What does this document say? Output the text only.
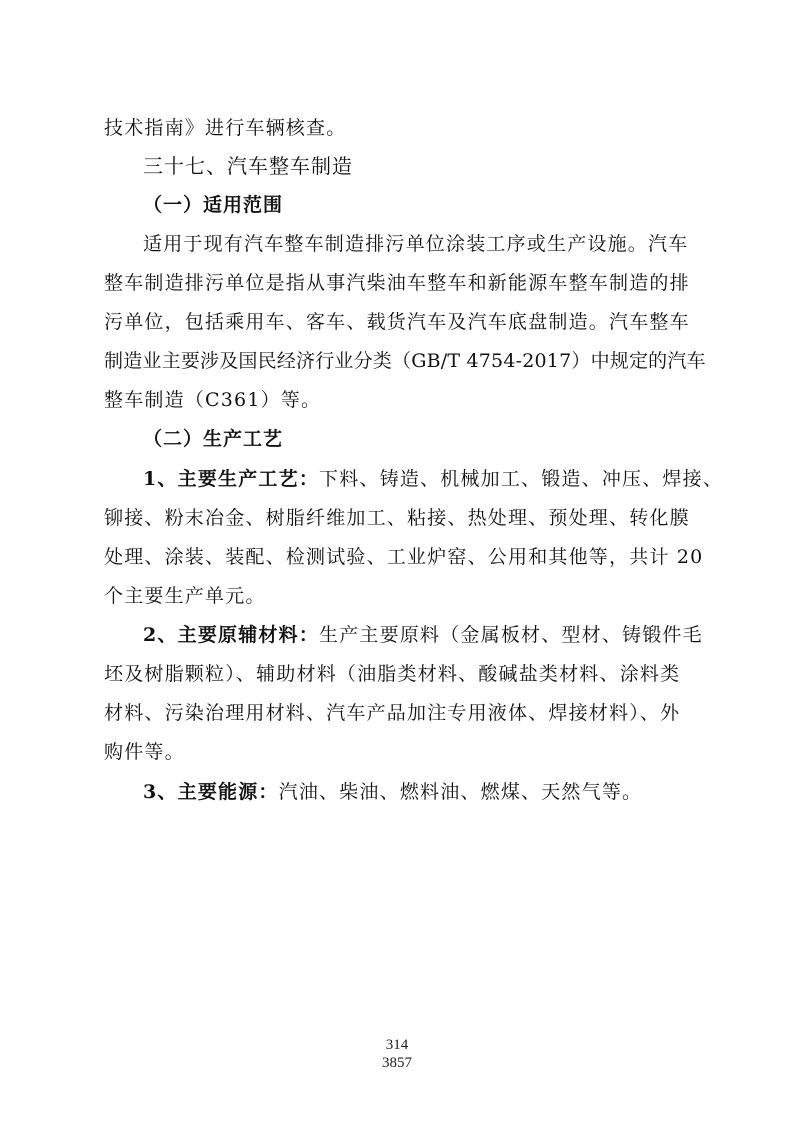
技术指南》进行车辆核查。
三十七、汽车整车制造
（一）适用范围
适用于现有汽车整车制造排污单位涂装工序或生产设施。汽车
整车制造排污单位是指从事汽柴油车整车和新能源车整车制造的排
污单位，包括乘用车、客车、载货汽车及汽车底盘制造。汽车整车
制造业主要涉及国民经济行业分类（GB/T 4754-2017）中规定的汽车
整车制造（C361）等。
（二）生产工艺
1、主要生产工艺：下料、铸造、机械加工、锻造、冲压、焊接、
铆接、粉末冶金、树脂纤维加工、粘接、热处理、预处理、转化膜
处理、涂装、装配、检测试验、工业炉窑、公用和其他等，共计 20
个主要生产单元。
2、主要原辅材料：生产主要原料（金属板材、型材、铸锻件毛
坯及树脂颗粒）、辅助材料（油脂类材料、酸碱盐类材料、涂料类
材料、污染治理用材料、汽车产品加注专用液体、焊接材料）、外
购件等。
3、主要能源：汽油、柴油、燃料油、燃煤、天然气等。
314
3857
